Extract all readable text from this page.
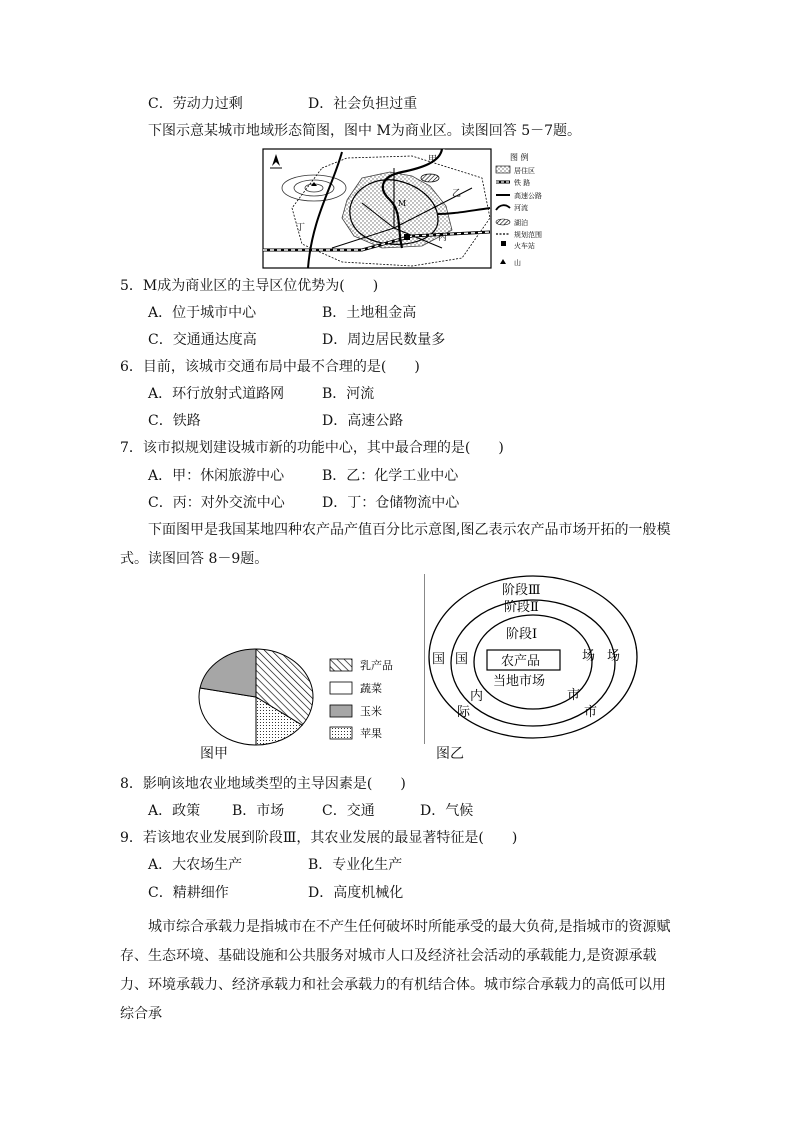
C．劳动力过剩	D．社会负担过重
下图示意某城市地域形态简图，图中 M为商业区。读图回答 5－7题。
甲
乙
丙
丁
M
图 例
居住区
铁 路
高速公路
河流
湖泊
规划范围
火车站
山
5．M成为商业区的主导区位优势为(　　)
A．位于城市中心	B．土地租金高
C．交通通达度高	D．周边居民数量多
6．目前，该城市交通布局中最不合理的是(　　)
A．环行放射式道路网	B．河流
C．铁路	D．高速公路
7．该市拟规划建设城市新的功能中心，其中最合理的是(　　)
A．甲：休闲旅游中心	B．乙：化学工业中心
C．丙：对外交流中心	D．丁：仓储物流中心
下面图甲是我国某地四种农产品产值百分比示意图,图乙表示农产品市场开拓的一般模式。读图回答 8－9题。
乳产品
蔬菜
玉米
苹果
图甲
阶段Ⅲ
阶段Ⅱ
阶段Ⅰ
农产品
当地市场
国 国	场 场
内	市
际	市
图乙
8．影响该地农业地域类型的主导因素是(　　)
A．政策 B．市场	C．交通	D．气候
9．若该地农业发展到阶段Ⅲ，其农业发展的最显著特征是(　　)
A．大农场生产	B．专业化生产
C．精耕细作	D．高度机械化
城市综合承载力是指城市在不产生任何破坏时所能承受的最大负荷,是指城市的资源赋存、生态环境、基础设施和公共服务对城市人口及经济社会活动的承载能力,是资源承载力、环境承载力、经济承载力和社会承载力的有机结合体。城市综合承载力的高低可以用综合承
